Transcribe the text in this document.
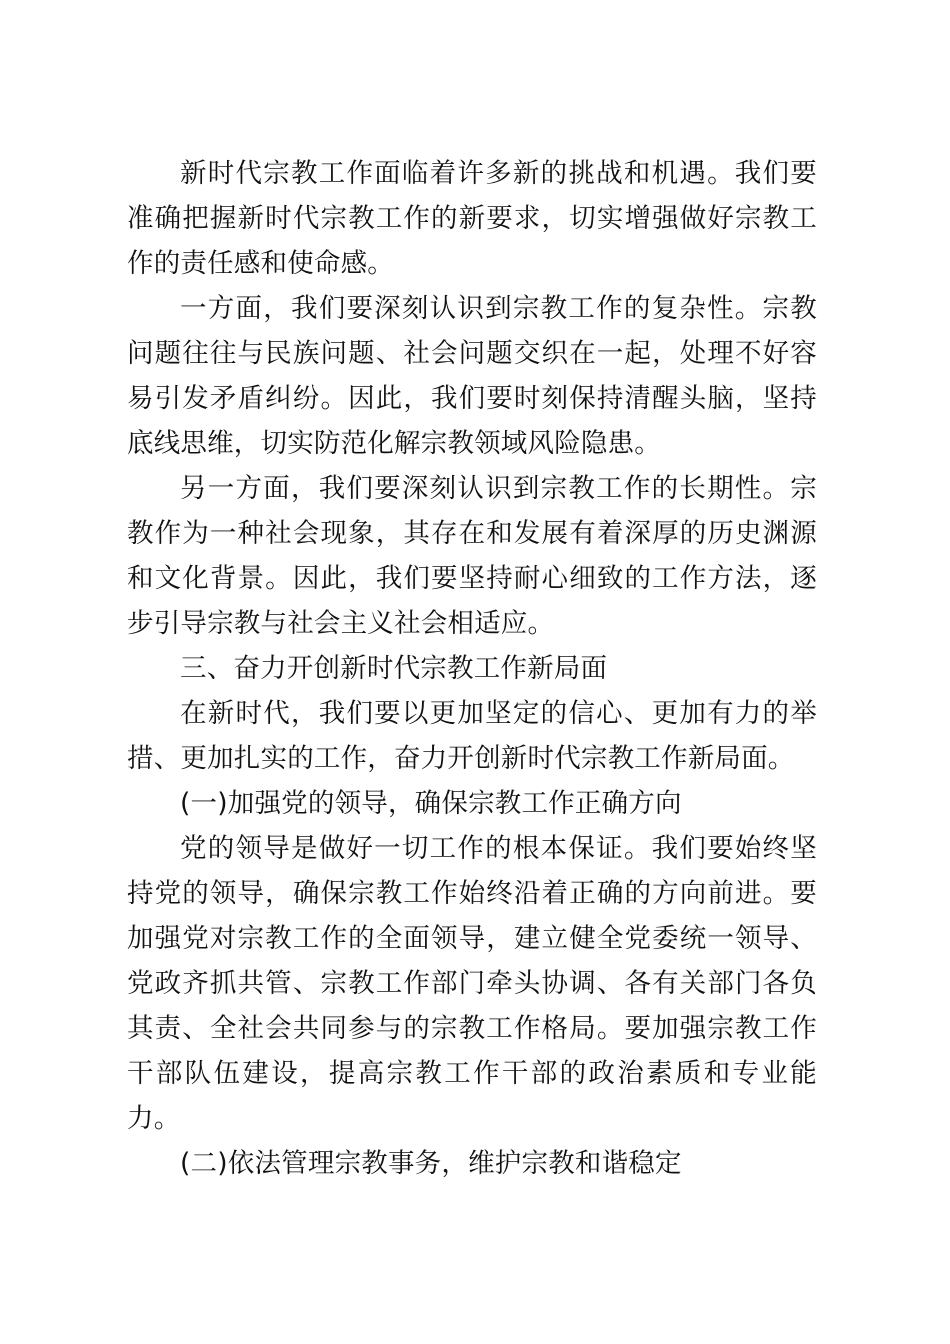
新时代宗教工作面临着许多新的挑战和机遇。我们要准确把握新时代宗教工作的新要求，切实增强做好宗教工作的责任感和使命感。

一方面，我们要深刻认识到宗教工作的复杂性。宗教问题往往与民族问题、社会问题交织在一起，处理不好容易引发矛盾纠纷。因此，我们要时刻保持清醒头脑，坚持底线思维，切实防范化解宗教领域风险隐患。

另一方面，我们要深刻认识到宗教工作的长期性。宗教作为一种社会现象，其存在和发展有着深厚的历史渊源和文化背景。因此，我们要坚持耐心细致的工作方法，逐步引导宗教与社会主义社会相适应。

三、奋力开创新时代宗教工作新局面

在新时代，我们要以更加坚定的信心、更加有力的举措、更加扎实的工作，奋力开创新时代宗教工作新局面。

(一)加强党的领导，确保宗教工作正确方向

党的领导是做好一切工作的根本保证。我们要始终坚持党的领导，确保宗教工作始终沿着正确的方向前进。要加强党对宗教工作的全面领导，建立健全党委统一领导、党政齐抓共管、宗教工作部门牵头协调、各有关部门各负其责、全社会共同参与的宗教工作格局。要加强宗教工作干部队伍建设，提高宗教工作干部的政治素质和专业能力。

(二)依法管理宗教事务，维护宗教和谐稳定
